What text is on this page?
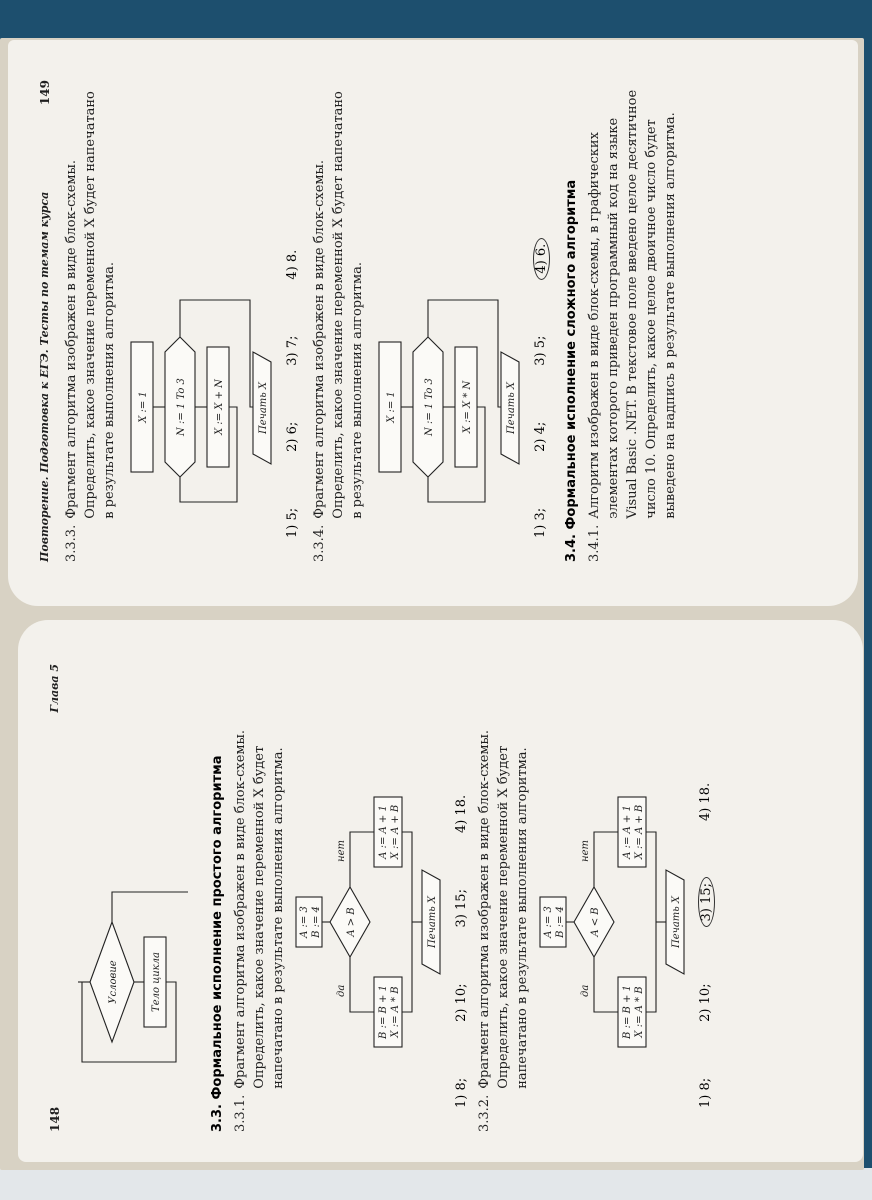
Повторение. Подготовка к ЕГЭ. Тесты по темам курса
149
3.3.3.
Фрагмент алгоритма изображен в виде блок-схемы. Определить, какое значение переменной X будет напечатано в результате выполнения алгоритма. X := 1	N := 1 To 3	X := X + N	Печать X
1) 5;
2) 6;
3) 7;
4) 8.
3.3.4.
Фрагмент алгоритма изображен в виде блок-схемы. Определить, какое значение переменной X будет напечатано в результате выполнения алгоритма. X := 1	N := 1 To 3	X := X * N	Печать X
1) 3;
2) 4;
3) 5;
4) 6. 3.4. Формальное исполнение сложного алгоритма 3.4.1.
Алгоритм изображен в виде блок-схемы, в графических элементах которого приведен программный код на языке Visual Basic .NET. В текстовое поле введено целое десятичное число 10. Определить, какое целое двоичное число будет выведено на надпись в результате выполнения алгоритма.
148
Глава 5
Условие	Тело цикла	3.3. Формальное исполнение простого алгоритма 3.3.1.
Фрагмент алгоритма изображен в виде блок-схемы. Определить, какое значение переменной X будет напечатано в результате выполнения алгоритма. A := 3 B := 4 A > B
да
нет
B := B + 1 X := A * B
A := A + 1 X := A + B
Печать X
1) 8;
2) 10;
3) 15;
4) 18.
3.3.2.
Фрагмент алгоритма изображен в виде блок-схемы. Определить, какое значение переменной X будет напечатано в результате выполнения алгоритма. A := 3 B := 4 A < B
да
нет
B := B + 1 X := A * B
A := A + 1 X := A + B
Печать X
1) 8;
2) 10;
3) 15;
4) 18.
